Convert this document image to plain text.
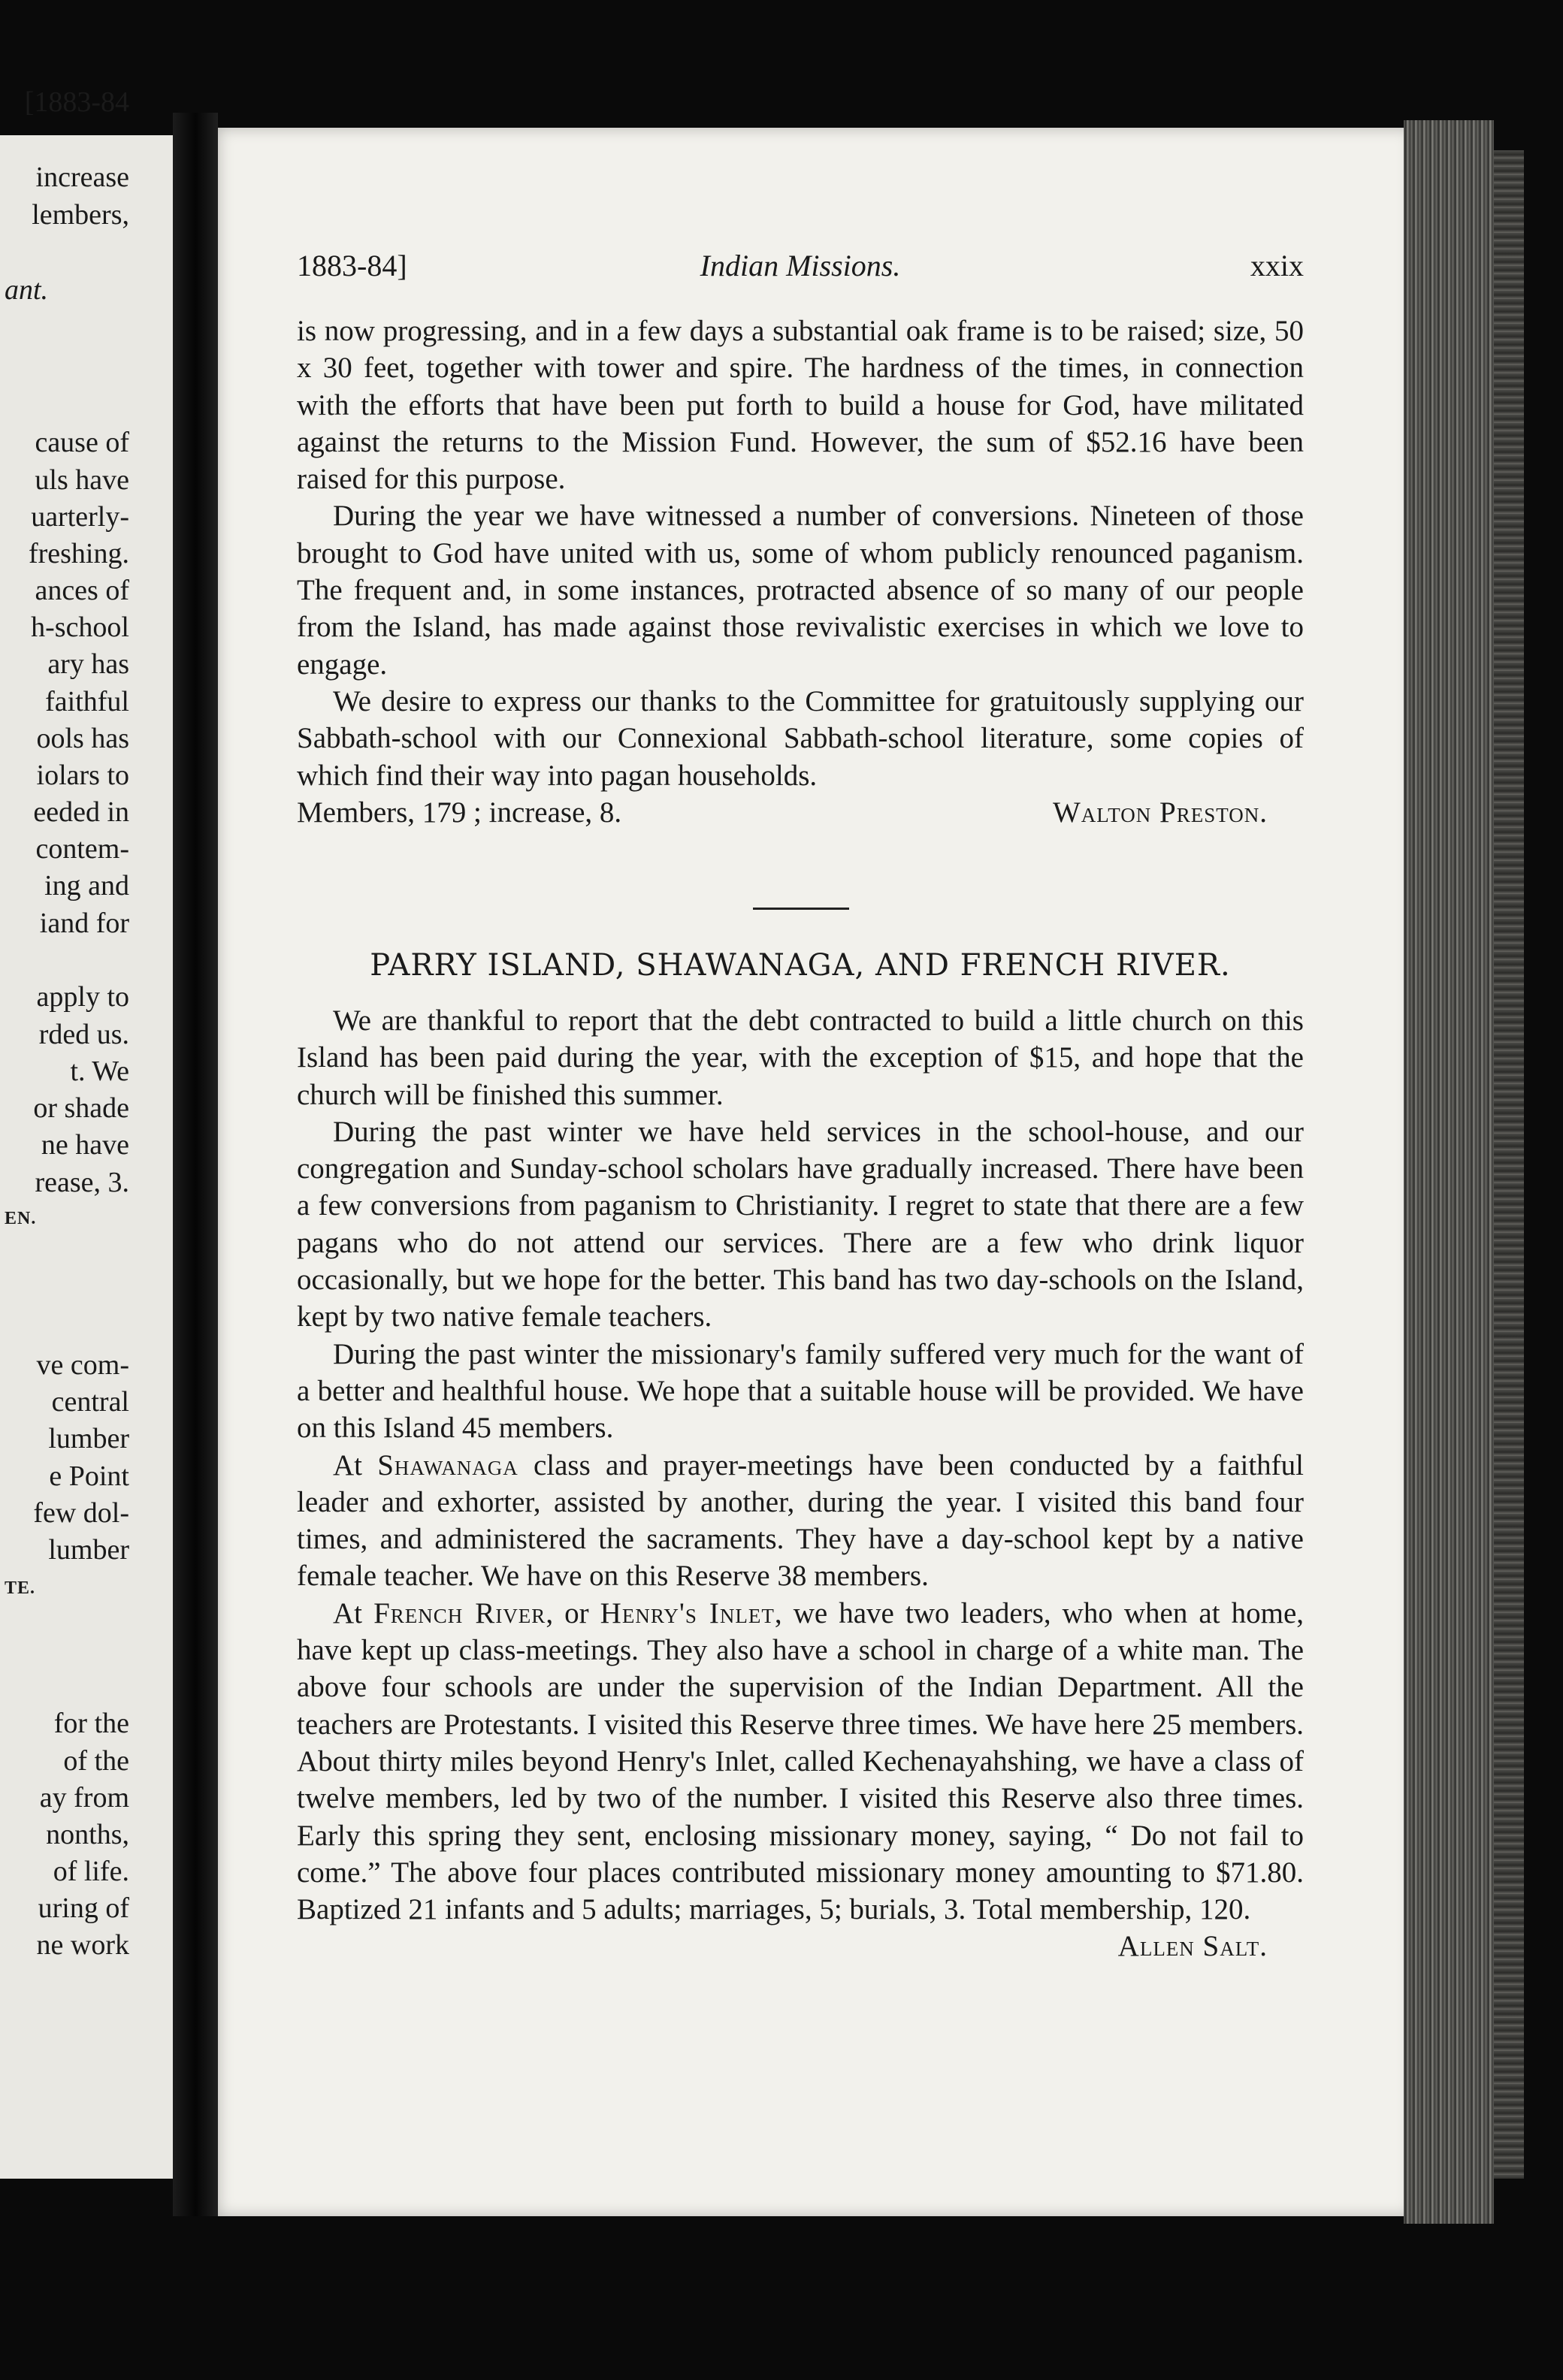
[1883-84
increase
lembers,
ant.
cause of
uls have
uarterly-
freshing.
ances of
h-school
ary has
faithful
ools has
iolars to
eeded in
contem-
ing and
iand for
apply to
rded us.
t. We
or shade
ne have
rease, 3.
EN.
ve com-
central
lumber
e Point
few dol-
lumber
TE.
for the
of the
ay from
nonths,
of life.
uring of
ne work
1883-84]	Indian Missions.	xxix

is now progressing, and in a few days a substantial oak frame is to be raised; size, 50 x 30 feet, together with tower and spire. The hardness of the times, in connection with the efforts that have been put forth to build a house for God, have militated against the returns to the Mission Fund. However, the sum of $52.16 have been raised for this purpose.

During the year we have witnessed a number of conversions. Nineteen of those brought to God have united with us, some of whom publicly renounced paganism. The frequent and, in some instances, protracted absence of so many of our people from the Island, has made against those revivalistic exercises in which we love to engage.

We desire to express our thanks to the Committee for gratuitously supplying our Sabbath-school with our Connexional Sabbath-school literature, some copies of which find their way into pagan households.

Members, 179 ; increase, 8.	Walton Preston.
PARRY ISLAND, SHAWANAGA, AND FRENCH RIVER.

We are thankful to report that the debt contracted to build a little church on this Island has been paid during the year, with the exception of $15, and hope that the church will be finished this summer.

During the past winter we have held services in the school-house, and our congregation and Sunday-school scholars have gradually increased. There have been a few conversions from paganism to Christianity. I regret to state that there are a few pagans who do not attend our services. There are a few who drink liquor occasionally, but we hope for the better. This band has two day-schools on the Island, kept by two native female teachers.

During the past winter the missionary's family suffered very much for the want of a better and healthful house. We hope that a suitable house will be provided. We have on this Island 45 members.

At Shawanaga class and prayer-meetings have been conducted by a faithful leader and exhorter, assisted by another, during the year. I visited this band four times, and administered the sacraments. They have a day-school kept by a native female teacher. We have on this Reserve 38 members.

At French River, or Henry's Inlet, we have two leaders, who when at home, have kept up class-meetings. They also have a school in charge of a white man. The above four schools are under the supervision of the Indian Department. All the teachers are Protestants. I visited this Reserve three times. We have here 25 members. About thirty miles beyond Henry's Inlet, called Kechenayahshing, we have a class of twelve members, led by two of the number. I visited this Reserve also three times. Early this spring they sent, enclosing missionary money, saying, “ Do not fail to come.” The above four places contributed missionary money amounting to $71.80. Baptized 21 infants and 5 adults; marriages, 5; burials, 3. Total membership, 120.

Allen Salt.
